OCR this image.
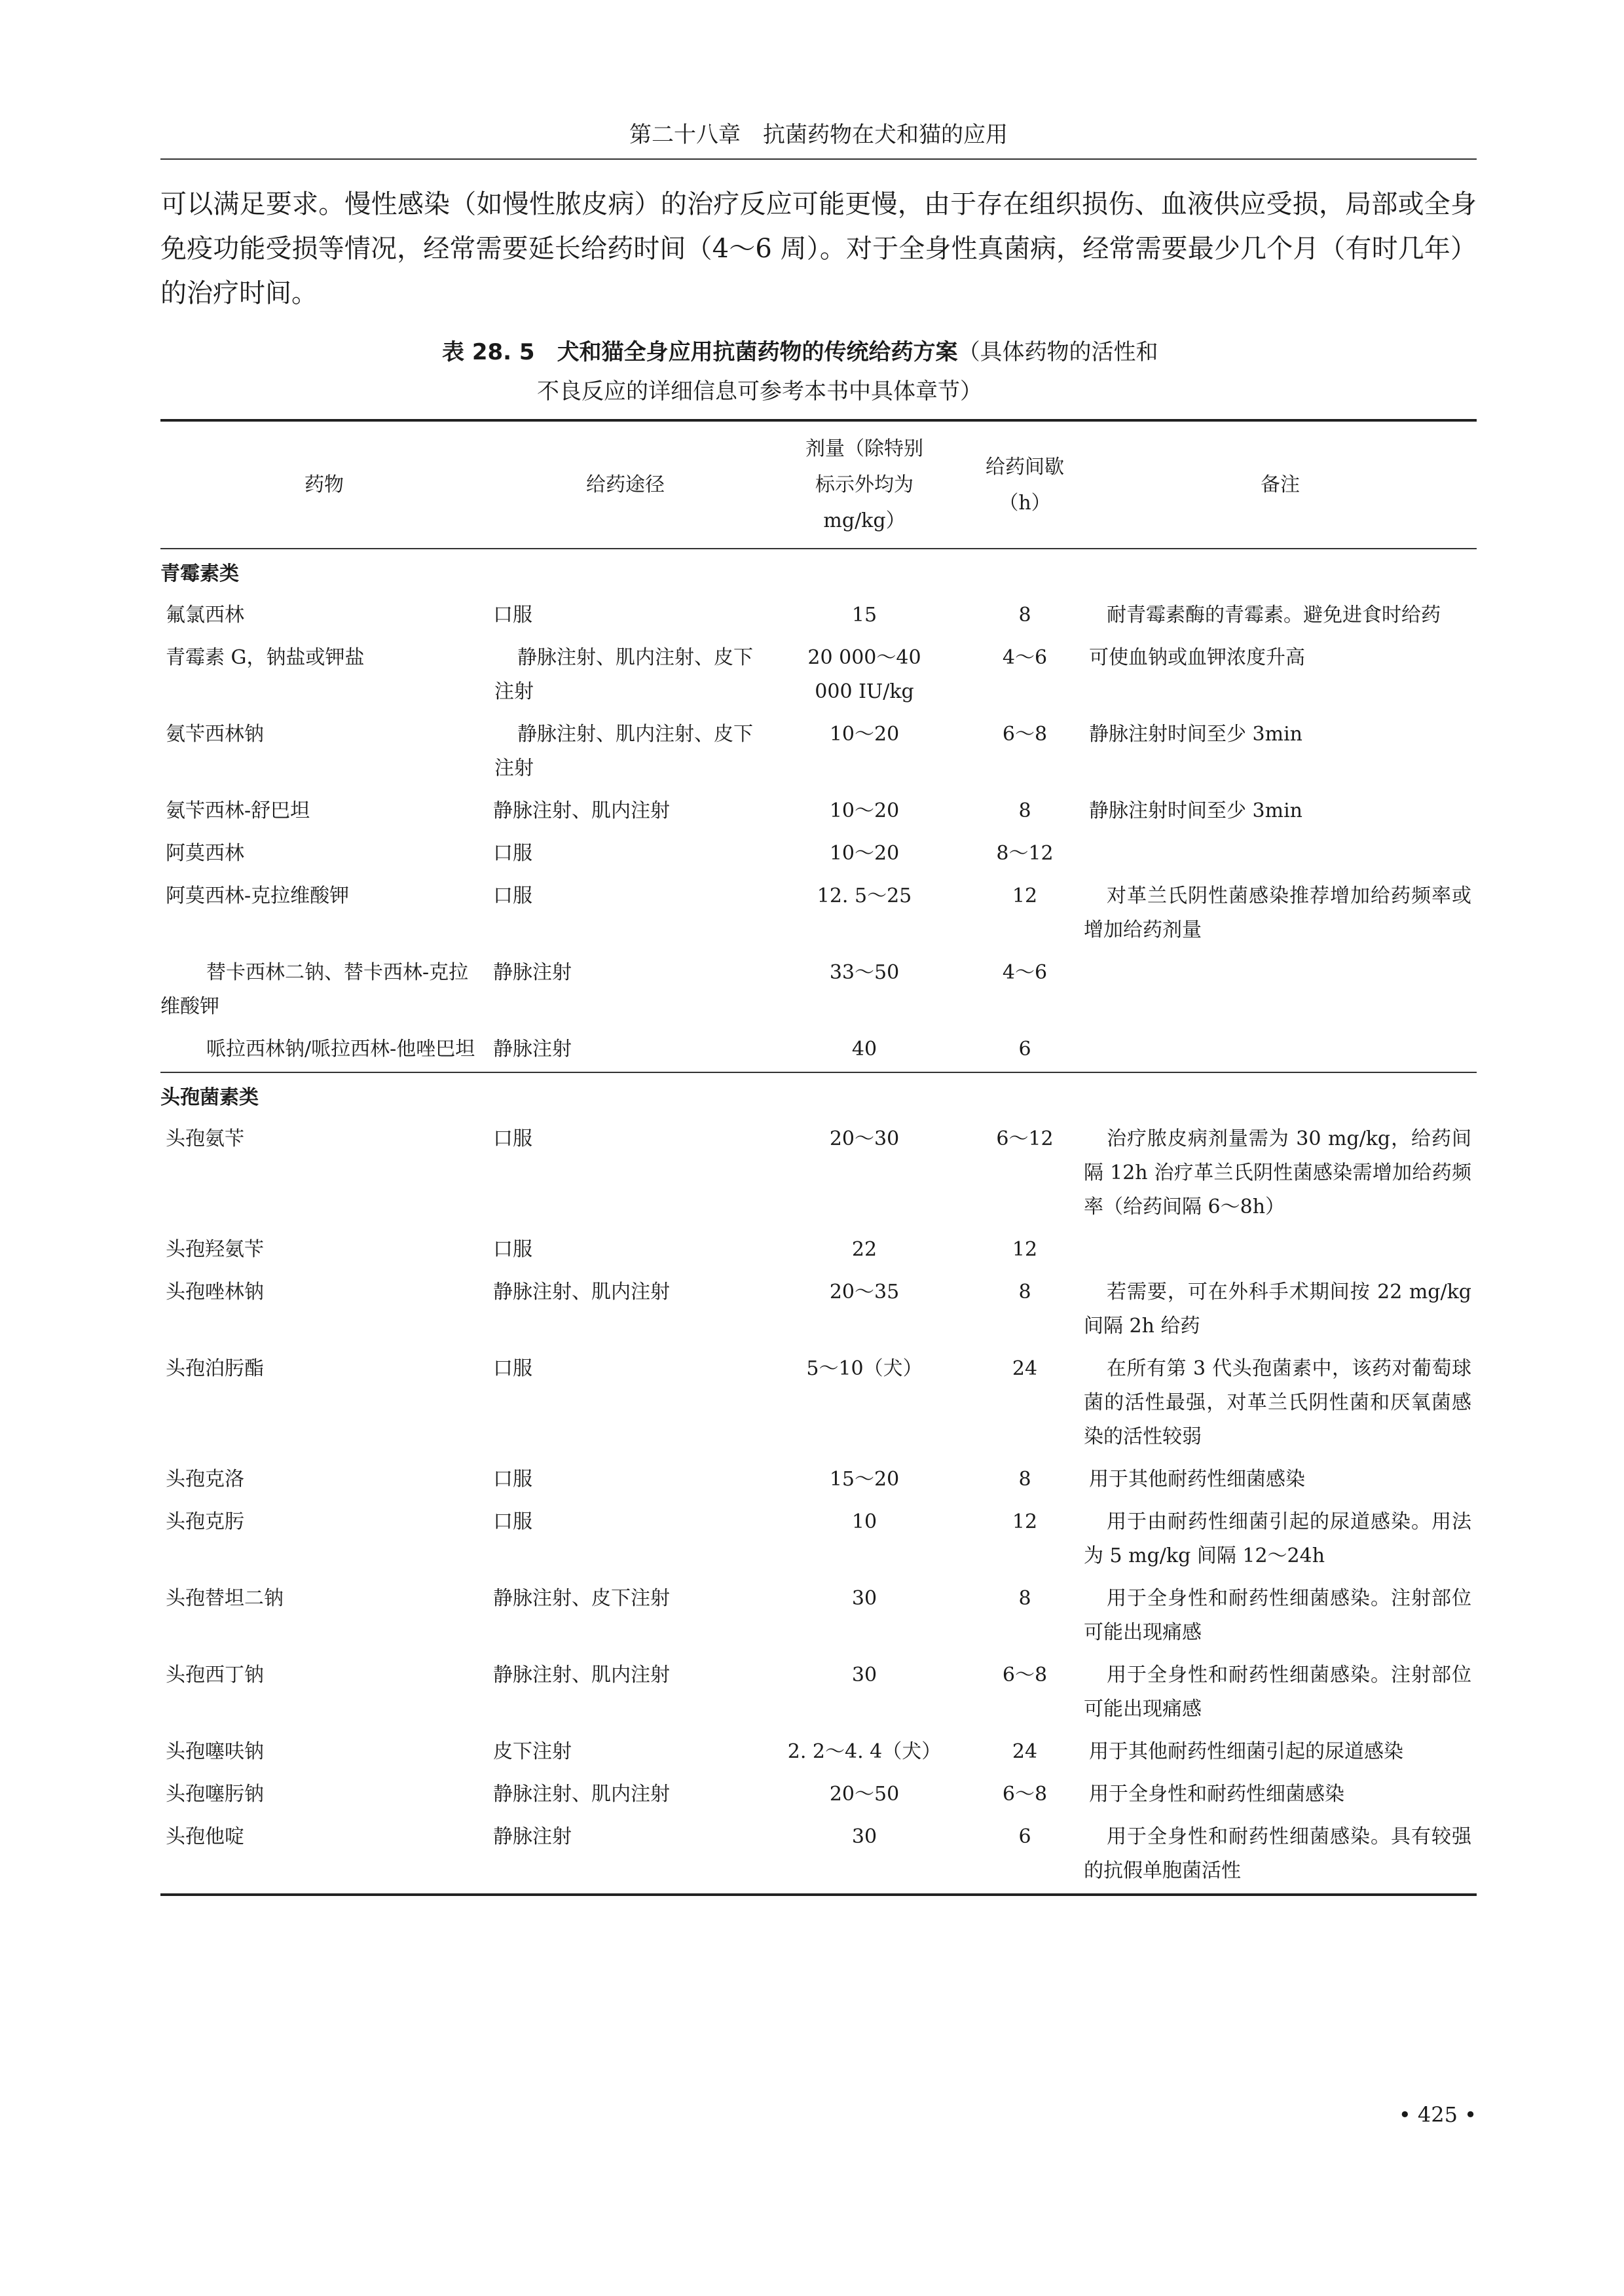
第二十八章　抗菌药物在犬和猫的应用
可以满足要求。慢性感染（如慢性脓皮病）的治疗反应可能更慢，由于存在组织损伤、血液供应受损，局部或全身免疫功能受损等情况，经常需要延长给药时间（4～6 周）。对于全身性真菌病，经常需要最少几个月（有时几年）的治疗时间。
表 28. 5  犬和猫全身应用抗菌药物的传统给药方案（具体药物的活性和
不良反应的详细信息可参考本书中具体章节）
药物	给药途径	剂量（除特别标示外均为 mg/kg）	给药间歇（h）	备注
青霉素类				
氟氯西林	口服	15	8	耐青霉素酶的青霉素。避免进食时给药
青霉素 G，钠盐或钾盐	静脉注射、肌内注射、皮下注射	20 000～40 000 IU/kg	4～6	可使血钠或血钾浓度升高
氨苄西林钠	静脉注射、肌内注射、皮下注射	10～20	6～8	静脉注射时间至少 3min
氨苄西林-舒巴坦	静脉注射、肌内注射	10～20	8	静脉注射时间至少 3min
阿莫西林	口服	10～20	8～12	
阿莫西林-克拉维酸钾	口服	12. 5～25	12	对革兰氏阴性菌感染推荐增加给药频率或增加给药剂量
替卡西林二钠、替卡西林-克拉维酸钾	静脉注射	33～50	4～6	
哌拉西林钠/哌拉西林-他唑巴坦	静脉注射	40	6	
头孢菌素类				
头孢氨苄	口服	20～30	6～12	治疗脓皮病剂量需为 30 mg/kg，给药间隔 12h 治疗革兰氏阴性菌感染需增加给药频率（给药间隔 6～8h）
头孢羟氨苄	口服	22	12	
头孢唑林钠	静脉注射、肌内注射	20～35	8	若需要，可在外科手术期间按 22 mg/kg 间隔 2h 给药
头孢泊肟酯	口服	5～10（犬）	24	在所有第 3 代头孢菌素中，该药对葡萄球菌的活性最强，对革兰氏阴性菌和厌氧菌感染的活性较弱
头孢克洛	口服	15～20	8	用于其他耐药性细菌感染
头孢克肟	口服	10	12	用于由耐药性细菌引起的尿道感染。用法为 5 mg/kg 间隔 12～24h
头孢替坦二钠	静脉注射、皮下注射	30	8	用于全身性和耐药性细菌感染。注射部位可能出现痛感
头孢西丁钠	静脉注射、肌内注射	30	6～8	用于全身性和耐药性细菌感染。注射部位可能出现痛感
头孢噻呋钠	皮下注射	2. 2～4. 4（犬）	24	用于其他耐药性细菌引起的尿道感染
头孢噻肟钠	静脉注射、肌内注射	20～50	6～8	用于全身性和耐药性细菌感染
头孢他啶	静脉注射	30	6	用于全身性和耐药性细菌感染。具有较强的抗假单胞菌活性
• 425 •
